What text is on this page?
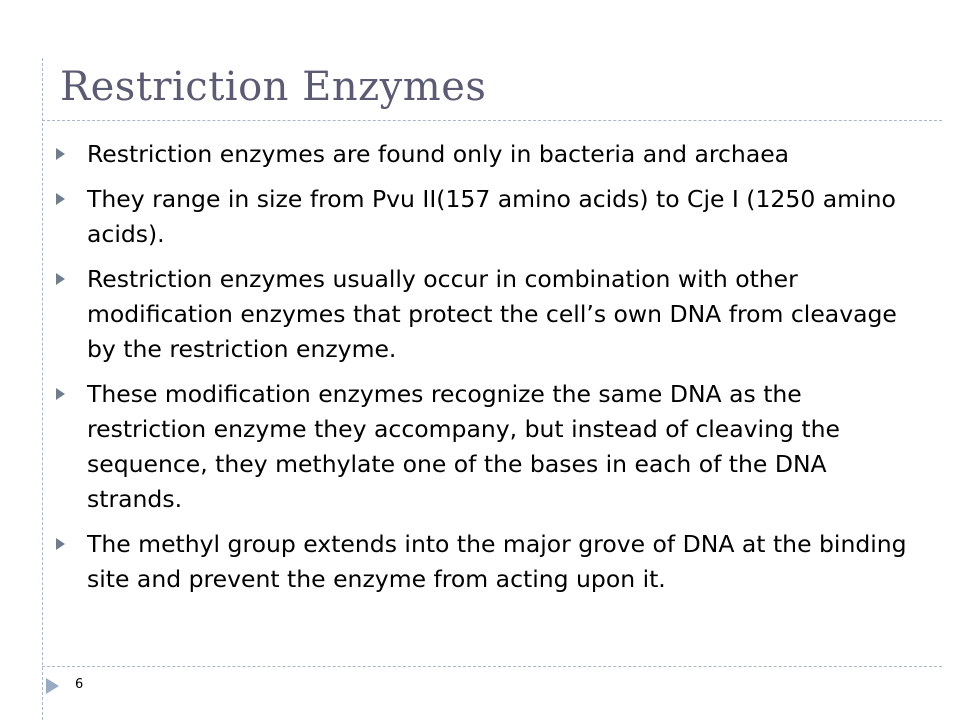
Restriction Enzymes
Restriction enzymes are found only in bacteria and archaea
They range in size from Pvu II(157 amino acids) to Cje I (1250 amino acids).
Restriction enzymes usually occur in combination with other modification enzymes that protect the cell’s own DNA from cleavage by the restriction enzyme.
These modification enzymes recognize the same DNA as the restriction enzyme they accompany, but instead of cleaving the sequence, they methylate one of the bases in each of the DNA strands.
The methyl group extends into the major grove of DNA at the binding site and prevent the enzyme from acting upon it.
6
